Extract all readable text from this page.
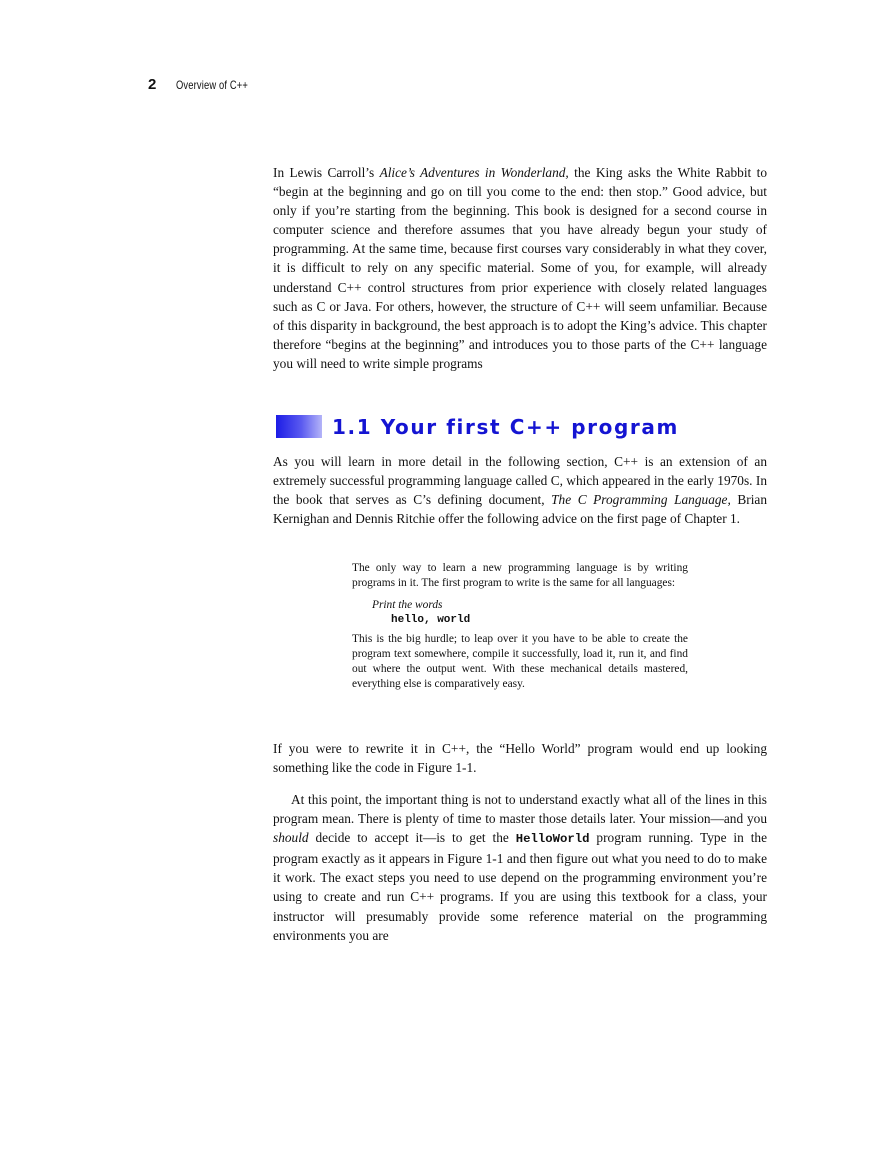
2	Overview of C++

In Lewis Carroll’s Alice’s Adventures in Wonderland, the King asks the White Rabbit to “begin at the beginning and go on till you come to the end: then stop.” Good advice, but only if you’re starting from the beginning. This book is designed for a second course in computer science and therefore assumes that you have already begun your study of programming. At the same time, because first courses vary considerably in what they cover, it is difficult to rely on any specific material. Some of you, for example, will already understand C++ control structures from prior experience with closely related languages such as C or Java. For others, however, the structure of C++ will seem unfamiliar. Because of this disparity in background, the best approach is to adopt the King’s advice. This chapter therefore “begins at the beginning” and introduces you to those parts of the C++ language you will need to write simple programs

1.1 Your first C++ program

As you will learn in more detail in the following section, C++ is an extension of an extremely successful programming language called C, which appeared in the early 1970s. In the book that serves as C’s defining document, The C Programming Language, Brian Kernighan and Dennis Ritchie offer the following advice on the first page of Chapter 1.

The only way to learn a new programming language is by writing programs in it. The first program to write is the same for all languages:

Print the words
hello, world

This is the big hurdle; to leap over it you have to be able to create the program text somewhere, compile it successfully, load it, run it, and find out where the output went. With these mechanical details mastered, everything else is comparatively easy.

If you were to rewrite it in C++, the “Hello World” program would end up looking something like the code in Figure 1-1.

At this point, the important thing is not to understand exactly what all of the lines in this program mean. There is plenty of time to master those details later. Your mission—and you should decide to accept it—is to get the HelloWorld program running. Type in the program exactly as it appears in Figure 1-1 and then figure out what you need to do to make it work. The exact steps you need to use depend on the programming environment you’re using to create and run C++ programs. If you are using this textbook for a class, your instructor will presumably provide some reference material on the programming environments you are
